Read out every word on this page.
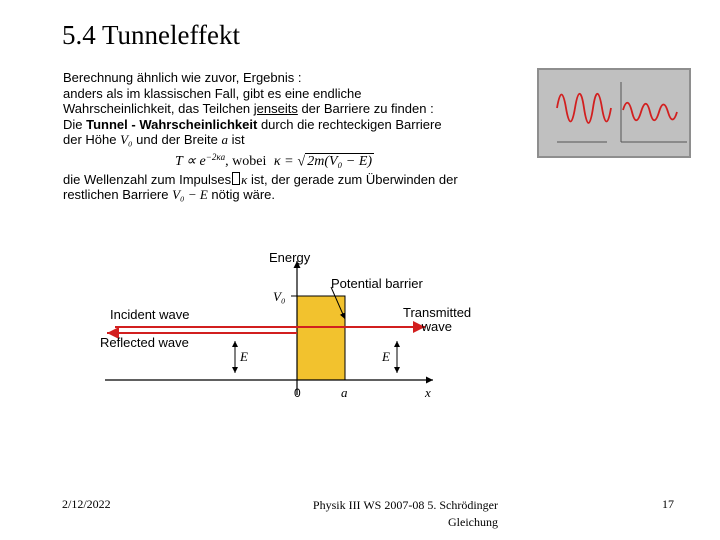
5.4 Tunneleffekt

Berechnung ähnlich wie zuvor, Ergebnis :

anders als im klassischen Fall, gibt es eine endliche

Wahrscheinlichkeit, das Teilchen jenseits der Barriere zu finden :

Die Tunnel - Wahrscheinlichkeit durch die rechteckigen Barriere

der Höhe V₀ und der Breite a ist

$T \propto e^{-2\kappa a}$, wobei κ = √ 2m(V₀ − E)

die Wellenzahl zum Impulses κ ist, der gerade zum Überwinden der

restlichen Barriere V₀ − E nötig wäre.

Energy
V₀
Potential barrier
Incident wave
Reflected wave
Transmitted
wave
E	E
0	a	x
2/12/2022	Physik III WS 2007-08 5. Schrödinger
Gleichung
17
